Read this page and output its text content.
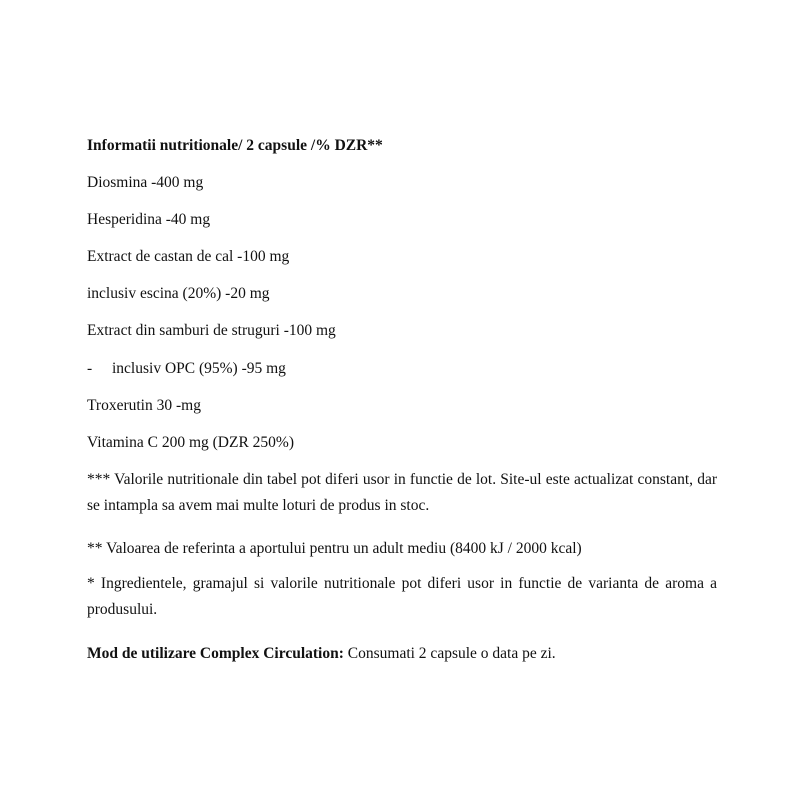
Informatii nutritionale/ 2 capsule /% DZR**
Diosmina -400 mg
Hesperidina -40 mg
Extract de castan de cal -100 mg
inclusiv escina (20%) -20 mg
Extract din samburi de struguri -100 mg
- inclusiv OPC (95%) -95 mg
Troxerutin 30 -mg
Vitamina C 200 mg (DZR 250%)
*** Valorile nutritionale din tabel pot diferi usor in functie de lot. Site-ul este actualizat constant, dar se intampla sa avem mai multe loturi de produs in stoc.
** Valoarea de referinta a aportului pentru un adult mediu (8400 kJ / 2000 kcal)
* Ingredientele, gramajul si valorile nutritionale pot diferi usor in functie de varianta de aroma a produsului.
Mod de utilizare Complex Circulation: Consumati 2 capsule o data pe zi.
